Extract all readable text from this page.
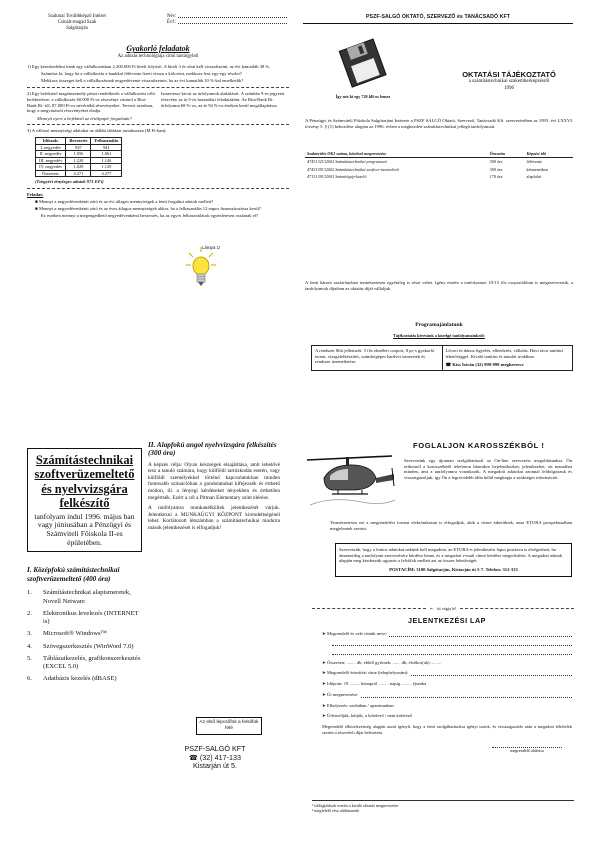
Szakmai Továbbképző Intézet
Csinált-magad Szak
Salgótarján
Név:
Évf.:
Gyakorló feladatok
Az adózás technológiája című tantárgyból

1) Egy kereskedelmi bank egy vállalkozásban 2.200.000 Ft hitelt folyósít. A hitelt 3 év alatt kell visszafizetni, az évi kamatláb 38 %.

Számítsa ki, hogy ha a vállalkozás a bankkal félévente fizeti vissza a kölcsönt, mekkora lesz egy-egy részlet?

Mekkora összeget kell a vállalkozásnak negyedévente visszafizetnie, ha az évi kamatláb 10 %-kal emelkedik?

2) Egy befektető magánszemély pénzt rendelkezik a vállalkozási célú befektetésre, a vállalkozás 60.000 Ft-os részvényt vásárol a Rita-Bank Rt.-től, 87.000 Ft-os névértékű részvényeket. Tervezi azonban, hogy a megvásárolt részvényeket eladja.

Ismertesse kicsit az árfolyamok alakulását. A számlán 9-es jegyzett részvény az ár 5-ös használati feladataként. Az Rita-Bank Rt. árfolyama 68 %-os, az ár 94 %-os értéken kerül megállapításra.

Mennyit nyert a befektető az értékpapír forgalmán?

3) A változó mennyiségi adatokat az alábbi táblázat tartalmazza (M Ft-ban):

Időszak:	Bevezetés	Felhasználás
I. negyedév	947	941
II. negyedév	1.056	1.061
III. negyedév	1.220	1.146
IV. negyedév	1.029	1.129
Összesen:	4.271	4.277

(Tárgyévi tényleges adatok 971 EFt)

Feladat:

■ Mennyi a negyedévenkénti záró és az évi átlagos mennyiségek a fenti forgalmi adatok mellett?

■ Mennyi a negyedévenkénti záró és az éves átlagos mennyiségek akkor, ha a felhasználás 12 napos finanszírozásra kerül?

Ez esetben mennyi a megengedhető negyedévenkénti beszerzés, ha az egyes felhasználások egyenletesen oszlanak el?

Lámpa 1!
PSZF-SALGÓ OKTATÓ, SZERVEZŐ és TANÁCSADÓ KFT
Így néz ki egy 720 kB-os lemez
OKTATÁSI TÁJÉKOZTATÓ
a számítástechnikai szakemberképzésről
1996
A Pénzügyi és Számviteli Főiskola Salgótarjáni Intézete a PSZF SALGÓ Oktató, Szervező, Tanácsadó Kft. szervezésében az 1993. évi LXXVI. törvény 5. § (1) bekezdése alapján az 1996. évben a megkezdett számítástechnikai jellegű tanfolyamait.
Szakterület OKJ száma, kötelező megnevezése	Óraszám	Képzési idő
4743132132002 Számítástechnikai programozó	500 óra	félévente
4743139132002 Számítástechnikai szoftver-üzemeltető	300 óra	kétmenetben
4713139132003 Számítógép-kezelő	170 óra	alapfokú
A fenti három szakirányban természetesen egyénileg is részt vehet. Igény esetén a tanfolyamot 10-15 fős csoportokban is megszervezzük, a tanfolyamok díjaiban az oktatás díját vállaljuk.
Programajánlatunk
Tájékoztatás kérésünk a közelgő tanfolyamainkról:
A rendszer 8bit jellemzői: 5 fős elméleti csoport, 8 pc-s gyakorló terem, vizsgafelkészítés, számítógépes hardver ismeretek és rendszer üzemeltetése.
Lőcsei és dános figyelés, ellenőrzés, vállalás. Havi rácsi tanítási lehetőséggel. Kiváló tanítási és tanulói irodában.
☎ Kiss István (32) 999-999 megkeresve
Számítástechnikai szoftverüzemeltető és nyelvvizsgára felkészítő
tanfolyam indul 1996. május ban vagy júniusában a Pénzügyi és Számviteli Főiskola II-es épületében.
I. Középfokú számítástechnikai szoftverüzemeltető (400 óra)
1.	Számítástechnikai alapismeretek, Novell Netware
2.	Elektronikus levelezés (INTERNET is)
3.	Microsoft® Windows™
4.	Szövegszerkesztés (WinWord 7.0)
5.	Táblázatkezelés, grafikonszerkesztés (EXCEL 5.0)
6.	Adatbázis kezelés (dBASE)
II. Alapfokú angol nyelvvizsgára felkészítés (300 óra)

A képzés célja: Olyan készségek elsajátítása, amit lehetővé tesz a tanuló számára, hogy külföldi tartózkodás esetén, vagy külföldi személyekkel történő kapcsolatokban minden fontosabb szituációban a gondolataikat kifejezzék és érthető módon, ill. a lényegi kérdéseket tényekben és érthetően megértsék. Ezért a cél a Pitman Elementary szint elérése.

A tanfolyamra munkanélküliek jelentkezését várjuk. Jelentkezni a MUNKAÜGYI KÖZPONT kirendeltségénél lehet. Korlátozott létszámban a számítástechnikai modulra mások jelentkezését is elfogadjuk!

Az első lépcsőfok a felsőfok felé
PSZF-SALGÓ KFT
☎ (32) 417-133
Kistarján út 5.
FOGLALJON KAROSSZÉKBÓL !
Szervezünk egy újonnan szolgáltatással az On-line szervezési megoldásunkat. Ön otthonról a karosszékből telefonon bármikor bejelentkezhet, jelentkezhet, ott maradhat minden, ami a tanfolyamra vonatkozik. A megadott adatokat azonnal feldolgozzuk és visszaigazoljuk, így Ön a legrövidebb időn belül megkapja a szükséges információt.
Természetesen ezt a megrendelést formai elekrónikusan is elfogadjuk, akik a címre átkerülnek, azaz ETURA prospektusában megjelentek szerint.
Szervezzük, hogy a fontos adatokat nekünk kell megadnia, az ETURA-n jelentkezési lapot postázva is elvégezheti, ha átmenetileg a tanfolyam szervezésére kérdése lenne, és a megadott e-mail címre kérdése megerősítést. A megadott adatok alapján meg kérdezzük ugyanis a felsőfok mellett azt az összes lehetőségét.
POSTACÍM: 3100 Salgótarján, Kistarján út 5-7. Telefon: 312-333
✂ itt vágja le!
JELENTKEZÉSI LAP
➤ Megrendelő és vele címük neve:
➤ Összesen: ........ db, ebből győrnek: ....... db, elsőkor(ak): ........
➤ Megrendelő értesítési címe (telephelyszám):
➤ Időpont: 19 ......... hónapról ......... napig ......... éjszaka
➤ Út megnevezése:
➤ Elhelyezés: szobában / apartmanban
➤ Üdvözöljük, kérjük, a kötelező / nem kötelező
Megrendelő elkötelezettség alapján azzal igényli, hogy a fenti szolgáltatásokra igényt tartok, és visszaigazolás után a megadott feltételek szerint a részvételi díjat befizetem.
megrendelő aláírása
¹ túlfoglalások esetén a kiváló oktatás megnevezése
² megfelelő rész aláhúzandó
